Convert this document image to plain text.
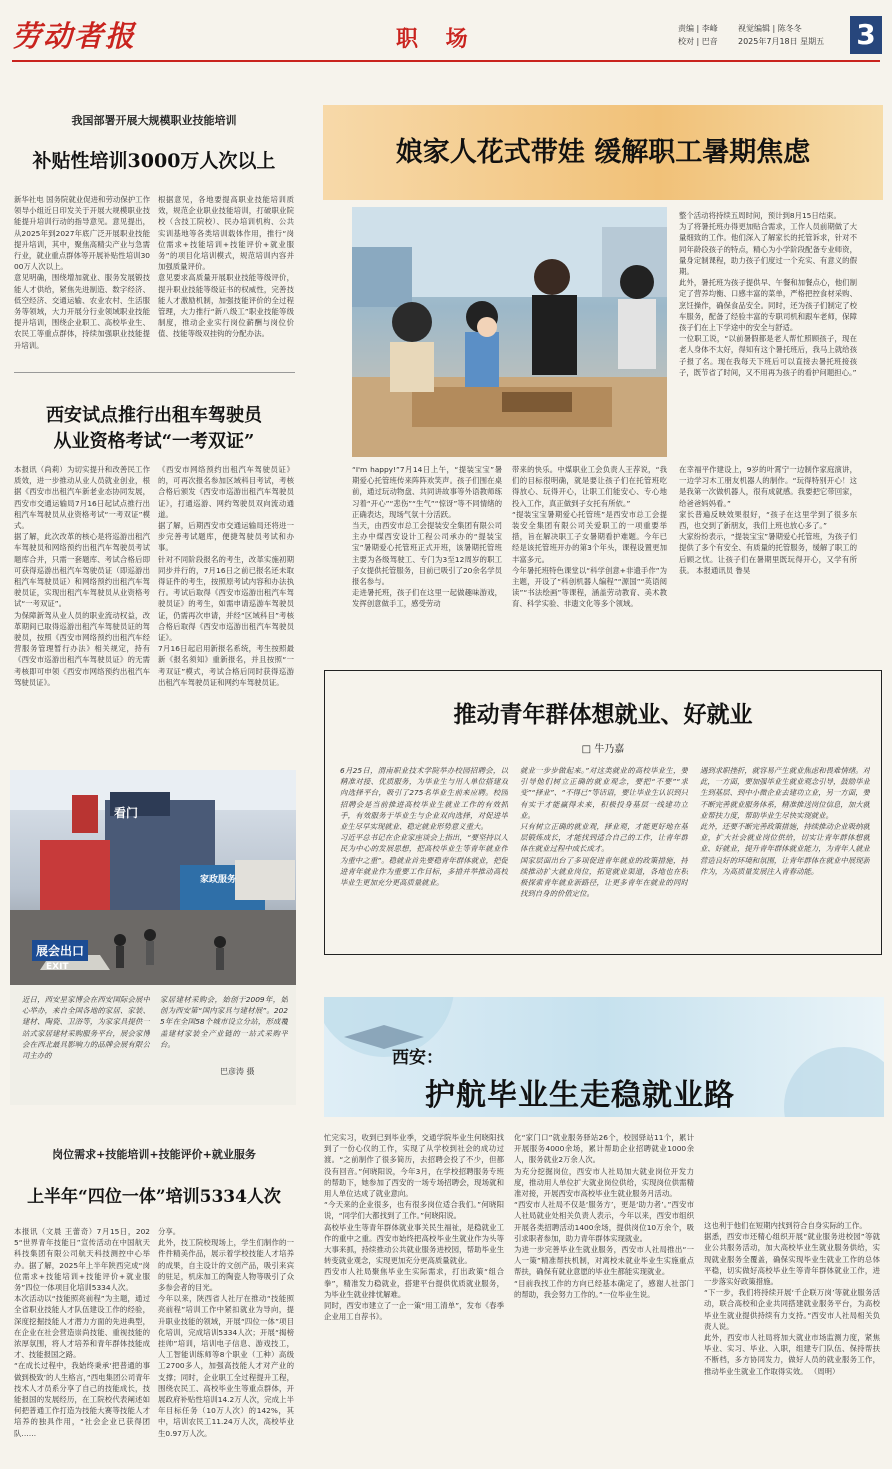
劳动者报	职 场	责编 | 李峰
校对 | 巴音
视觉编辑 | 陈冬冬
2025年7月18日 星期五 3
我国部署开展大规模职业技能培训
补贴性培训3000万人次以上
新华社电 国务院就业促进和劳动保护工作领导小组近日印发关于开展大规模职业技能提升培训行动的指导意见。意见提出，从2025年到2027年底广泛开展职业技能提升培训，其中，聚焦高精尖产业与急需行业，就业重点群体等开展补贴性培训3000万人次以上。
意见明确，围绕增加就业、服务发展锻技能人才供给，紧焦先进制造、数字经济、低空经济、交通运输、农业农村、生活服务等领域，大力开展分行业领域职业技能提升培训，围绕企业职工、高校毕业生、农民工等重点群体，持续加强职业技能提升培训。
根据意见，各地要提高职业技能培训质效，规范企业职业技能培训，打破职业院校（含技工院校）、民办培训机构、公共实训基地等各类培训载体作用，推行“岗位需求+技能培训+技能评价+就业服务”的项目化培训模式，规范培训内容并加强质量评价。
意见要求高质量开展职业技能等级评价，提升职业技能等级证书的权威性，完善技能人才激励机制，加强技能评价的全过程管理，大力推行“新八级工”职业技能等级制度，推动企业实行岗位薪酬与岗位价值、技能等级双挂钩的分配办法。
西安试点推行出租车驾驶员
从业资格考试“一考双证”
本报讯（尚莉）为切实提升和改善民工作质效，进一步推动从业人员就业创业，根据《西安市出租汽车新老业态协同发展，西安市交通运输局7月16日起试点推行出租汽车驾驶员从业资格考试“一考双证”模式。
据了解，此次改革的核心是将巡游出租汽车驾驶员和网络预约出租汽车驾驶员考试题库合并，只需一套题库、考试合格后即可获得巡游出租汽车驾驶员证（即巡游出租汽车驾驶员证）和网络预约出租汽车驾驶员证，实现出租汽车驾驶员从业资格考试“一考双证”。
为保障新驾从业人员的职业流动权益，改革期间已取得巡游出租汽车驾驶员证的驾驶员，按照《西安市网络预约出租汽车经营服务管理暂行办法》相关规定，持有《西安市巡游出租汽车驾驶员证》的无需考核即可申领《西安市网络预约出租汽车驾驶员证》。
《西安市网络预约出租汽车驾驶员证》的，可再次报名参加区域科目考试，考核合格后颁发《西安市巡游出租汽车驾驶员证》，打通巡游、网约驾驶员双向流动通道。
据了解，后期西安市交通运输局还将进一步完善考试题库，便捷驾驶员考试和办事。
针对不同阶段报名的考生，改革实施初期同步并行的，7月16日之前已报名还未取得证件的考生，按照原考试内容和办法执行。考试后取得《西安市巡游出租汽车驾驶员证》的考生，如需申请巡游车驾驶员证，仍需再次申请，并经“区域科目”考核合格后取得《西安市巡游出租汽车驾驶员证》。
7月16日起启用新报名系统，考生按照最新《报名须知》重新报名，并且按照“一考双证”模式，考试合格后同时获得巡游出租汽车驾驶员证和网约车驾驶员证。
看门
展会出口
EXIT
家政服务
近日，西安星家博会在西安国际会展中心举办，来自全国各地的家居、家装、建材、陶瓷、卫浴等，为家家具提供一站式家居建材采购服务平台，展会家博会在西北最具影响力的品牌会展有限公司主办的
家居建材采购会，始创于2009年，始创为西安第“国内家具与建材展”。2025年在全国58个城市设立分站，形成覆盖建材家装全产业链的一站式采购平台。
巴彦涛 摄
岗位需求+技能培训+技能评价+就业服务
上半年“四位一体”培训5334人次
本报讯（文晨 王蕾奇）7月15日，2025“世界青年技能日”宣传活动在中国航天科技集团有限公司航天科技测控中心举办。据了解，2025年上半年陕西完成“岗位需求+技能培训+技能评价+就业服务”四位一体项目化培训5334人次。
本次活动以“技能照亮前程”为主题，通过全省职业技能人才队伍建设工作的经验，深度挖掘技能人才潜力方面的先进典型，在企业在社会营造崇尚技能、重视技能的浓厚氛围，将人才培养和青年群体技能成才、技能报国之路。
“在成长过程中，我始终秉承‘把普通的事做到极致’的人生格言，”西电集团公司青年技术人才员系分享了自己的技能成长，技能报国的发展经历，在工院校代表阐述如何把普通工作打造为技能大赛等技能人才培养的独具作用，“社会企业已获得团队……
分享。
此外，技工院校现场上，学生们制作的一件件精美作品，展示着学校技能人才培养的成果，自主设计的文创产品，吸引来宾的驻足，机床加工的陶瓷人物等吸引了众多参会者的目光。
今年以来，陕西省人社厅在推动“技能照亮前程”培训工作中紧扣就业为导向，提升职业技能的领域，开展“四位一体”项目化培训，完成培训5334人次；开展“揭榜挂帅”培训，培训电子信息、游戏技工，人工智能训练师等8个职业（工种）高级工2700多人，加强高技能人才对产业的支撑；同时，企业职工全过程提升工程，围绕农民工、高校毕业生等重点群体，开展政府补贴性培训14.2万人次，完成上半年目标任务（10万人次）的142%，其中，培训农民工11.24万人次，高校毕业生0.97万人次。
娘家人花式带娃 缓解职工暑期焦虑
“I'm happy!”7月14日上午，“提装宝宝”暑期爱心托管班传来阵阵欢笑声。孩子们围在桌前，通过玩动物盘、共同讲故事等外语教师练习着“开心”“悲伤”“生气”“惊讶”等不同情绪的正确表达，现场气氛十分活跃。
当天，由西安市总工会提装安全集团有限公司主办中煤西安设计工程公司承办的“提装宝宝”暑期爱心托管班正式开班，该暑期托管班主要为各级驾驶工、专门为3至12周岁的职工子女提供托管服务，目前已吸引了20余名学员报名参与。
走进暑托班，孩子们在这里一起做趣味游戏，发挥创意做手工，感受劳动
带来的快乐。中煤职业工会负责人王荐说，“我们的目标很明确，就是要让孩子们在托管班吃得放心、玩得开心，让职工们能安心、专心地投入工作，真正做到子女托有所依。”
“提装宝宝暑期爱心托管班”是西安市总工会提装安全集团有限公司关爱职工的一项重要举措，旨在解决职工子女暑期看护难题。今年已经是该托管班开办的第3个年头，课程设置更加丰富多元。
今年暑托班特色课堂以“科学创意+非遗手作”为主题，开设了“科创机器人编程”“源国”“英语阅读”“书法绘画”等课程，涵盖劳动教育、美术教育、科学实验、非遗文化等多个领域。
整个活动将持续五周时间，预计到8月15日结束。
为了将暑托班办得更加贴合需求，工作人员前期做了大量细致的工作。他们深入了解家长的托管诉求，针对不同年龄段孩子的特点，精心为小学阶段配备专业师资，量身定制课程，助力孩子们度过一个充实、有意义的假期。
此外，暑托班为孩子提供早、午餐和加餐点心，他们制定了营养均衡、口感丰富的菜单，严格把控食材采购、烹饪操作，确保食品安全。同时，还为孩子们制定了校车服务，配备了经验丰富的专职司机和跟车老师，保障孩子们在上下学途中的安全与舒适。
一位职工说，“以前暑假都是老人帮忙照顾孩子，现在老人身体不太好，得知有这个暑托班后，我马上就给孩子报了名。现在我每天下班后可以直接去暑托班接孩子，既节省了时间，又不用再为孩子的看护问题担心。”
在幸福平作建设上，9岁的叶霄宁一边制作家庭演讲，一边学习木工朋友机器人的制作。“玩得特别开心！这是我第一次做机器人，很有成就感。我要把它带回家，给爸爸妈妈看。”
家长普遍反映效果很好，“孩子在这里学到了很多东西，也交到了新朋友，我们上班也放心多了。”
大家纷纷表示，“提装宝宝”暑期爱心托管班，为孩子们提供了多个有安全、有质量的托管服务，缓解了职工的后顾之忧。让孩子们在暑期里既玩得开心，又学有所获。 本报通讯员 鲁昊
推动青年群体想就业、好就业
□ 牛乃嘉
6月25日，渭南职业技术学院举办校园招聘会，以精准对接、优质服务，为毕业生与用人单位搭建双向选择平台，吸引了275名毕业生前来应聘。校园招聘会是当前推进高校毕业生就业工作的有效抓手，有效服务于毕业生与企业双向选择，对促进毕业生尽早实现就业、稳定就业形势意义重大。
习近平总书记在企业家座谈会上指出，“要坚持以人民为中心的发展思想，把高校毕业生等青年就业作为重中之重”。稳就业首先要稳青年群体就业，把促进青年就业作为重要工作目标，多措并举推动高校毕业生更加充分更高质量就业。
就业一步步做起来。”对这类就业的高校毕业生，要引导他们树立正确的就业观念，要把“不要”“求变”“择业”、“不得已”等话语，要让毕业生认识到只有实干才能赢得未来，积极投身基层一线建功立业。
只有树立正确的就业观，择业观，才能更好地在基层锻炼成长，才能找到适合自己的工作，让青年群体在就业过程中成长成才。
国家层面出台了多项促进青年就业的政策措施，持续推动扩大就业岗位，拓宽就业渠道，各地也在积极探索青年就业新路径，让更多青年在就业的同时找到自身的价值定位。
遇到求职挫折，就容易产生就业焦虑和畏难情绪。对此，一方面，要加强毕业生就业观念引导，鼓励毕业生到基层、到中小微企业去建功立业，另一方面，要不断完善就业服务体系，精准推送岗位信息，加大就业帮扶力度，帮助毕业生尽快实现就业。
此外，还要不断完善政策措施，持续推动企业吸纳就业，扩大社会就业岗位供给，切实让青年群体想就业、好就业，提升青年群体就业能力，为青年人就业营造良好的环境和氛围，让青年群体在就业中展现新作为，为高质量发展注入青春动能。
西安：
护航毕业生走稳就业路
忙完实习，收到已到毕业季，交通学院毕业生何晓阳找到了一份心仪的工作，实现了从学校到社会的成功过渡。“之前制作了很多简历，去招聘会投了不少，但都没有回音。”何晓阳说，今年3月，在学校招聘服务专班的帮助下，她参加了西安的一场专场招聘会，现场就和用人单位达成了就业意向。
“今天来的企业很多，也有很多岗位适合我们。”何晓阳说，“同学们大都找到了工作。”何晓阳说。
高校毕业生等青年群体就业事关民生福祉，是稳就业工作的重中之重。西安市始终把高校毕业生就业作为头等大事来抓，持续推动公共就业服务进校园，帮助毕业生转变就业观念，实现更加充分更高质量就业。
西安市人社局聚焦毕业生实际需求，打出政策“组合拳”，精准发力稳就业，搭建平台提供优质就业服务，为毕业生就业排忧解难。
同时，西安市建立了一企一策“用工清单”，发布《春季企业用工自荐书》。
化“家门口”就业服务驿站26个，校园驿站11个，累计开展服务4000余场，累计帮助企业招聘就业1000余人，服务就业2万余人次。
为充分挖掘岗位，西安市人社局加大就业岗位开发力度，推动用人单位扩大就业岗位供给，实现岗位供需精准对接，开展西安市高校毕业生就业服务月活动。
“西安市人社局不仅是‘服务方’，更是‘助力者’。”西安市人社局就业处相关负责人表示，今年以来，西安市组织开展各类招聘活动1400余场，提供岗位10万余个，吸引求职者参加，助力青年群体实现就业。
为进一步完善毕业生就业服务，西安市人社局推出“一人一策”精准帮扶机制，对离校未就业毕业生实施重点帮扶，确保有就业意愿的毕业生都能实现就业。
“目前我找工作的方向已经基本确定了，感谢人社部门的帮助，我会努力工作的。”一位毕业生说。
这也利于他们在短期内找到符合自身实际的工作。
据悉，西安市还精心组织开展“就业服务进校园”等就业公共服务活动，加大高校毕业生就业服务供给，实现就业服务全覆盖，确保实现毕业生就业工作的总体平稳，切实做好高校毕业生等青年群体就业工作，进一步落实好政策措施。
“下一步，我们将持续开展‘千企联万岗’等就业服务活动，联合高校和企业共同搭建就业服务平台，为高校毕业生就业提供持续有力支持。”西安市人社局相关负责人说。
此外，西安市人社局将加大就业市场监测力度，紧焦毕业、实习、毕业、入职，组建专门队伍、保持帮扶不断档，多方协同发力，做好人员的就业服务工作，推动毕业生就业工作取得实效。 （周明）
